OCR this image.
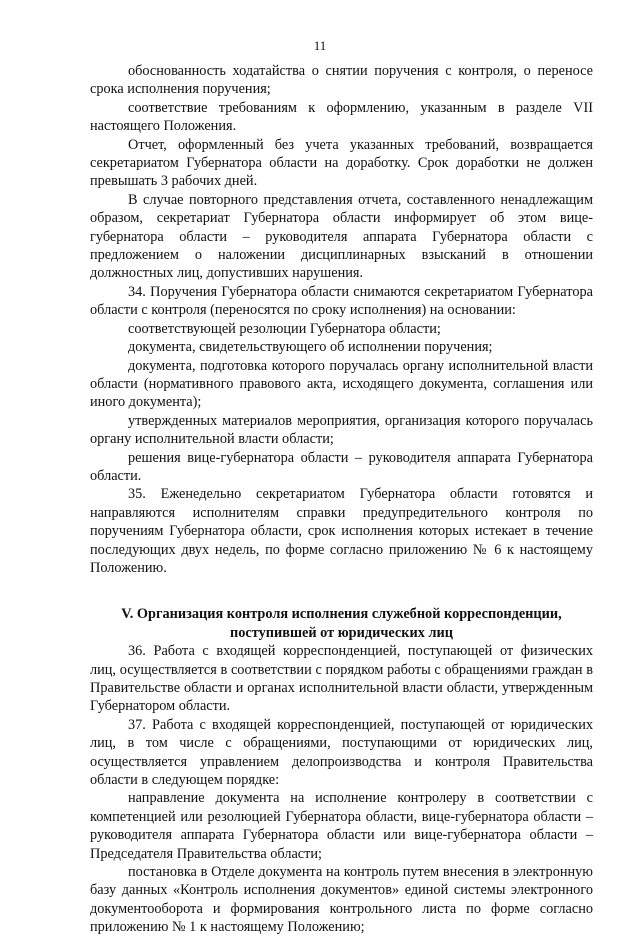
11

обоснованность ходатайства о снятии поручения с контроля, о переносе срока исполнения поручения;

соответствие требованиям к оформлению, указанным в разделе VII настоящего Положения.

Отчет, оформленный без учета указанных требований, возвращается секретариатом Губернатора области на доработку. Срок доработки не должен превышать 3 рабочих дней.

В случае повторного представления отчета, составленного ненадлежащим образом, секретариат Губернатора области информирует об этом вице-губернатора области – руководителя аппарата Губернатора области с предложением о наложении дисциплинарных взысканий в отношении должностных лиц, допустивших нарушения.

34. Поручения Губернатора области снимаются секретариатом Губернатора области с контроля (переносятся по сроку исполнения) на основании:

соответствующей резолюции Губернатора области;

документа, свидетельствующего об исполнении поручения;

документа, подготовка которого поручалась органу исполнительной власти области (нормативного правового акта, исходящего документа, соглашения или иного документа);

утвержденных материалов мероприятия, организация которого поручалась органу исполнительной власти области;

решения вице-губернатора области – руководителя аппарата Губернатора области.

35. Еженедельно секретариатом Губернатора области готовятся и направляются исполнителям справки предупредительного контроля по поручениям Губернатора области, срок исполнения которых истекает в течение последующих двух недель, по форме согласно приложению № 6 к настоящему Положению.

V. Организация контроля исполнения служебной корреспонденции,
поступившей от юридических лиц

36. Работа с входящей корреспонденцией, поступающей от физических лиц, осуществляется в соответствии с порядком работы с обращениями граждан в Правительстве области и органах исполнительной власти области, утвержденным Губернатором области.

37. Работа с входящей корреспонденцией, поступающей от юридических лиц, в том числе с обращениями, поступающими от юридических лиц, осуществляется управлением делопроизводства и контроля Правительства области в следующем порядке:

направление документа на исполнение контролеру в соответствии с компетенцией или резолюцией Губернатора области, вице-губернатора области – руководителя аппарата Губернатора области или вице-губернатора области – Председателя Правительства области;

постановка в Отделе документа на контроль путем внесения в электронную базу данных «Контроль исполнения документов» единой системы электронного документооборота и формирования контрольного листа по форме согласно приложению № 1 к настоящему Положению;
